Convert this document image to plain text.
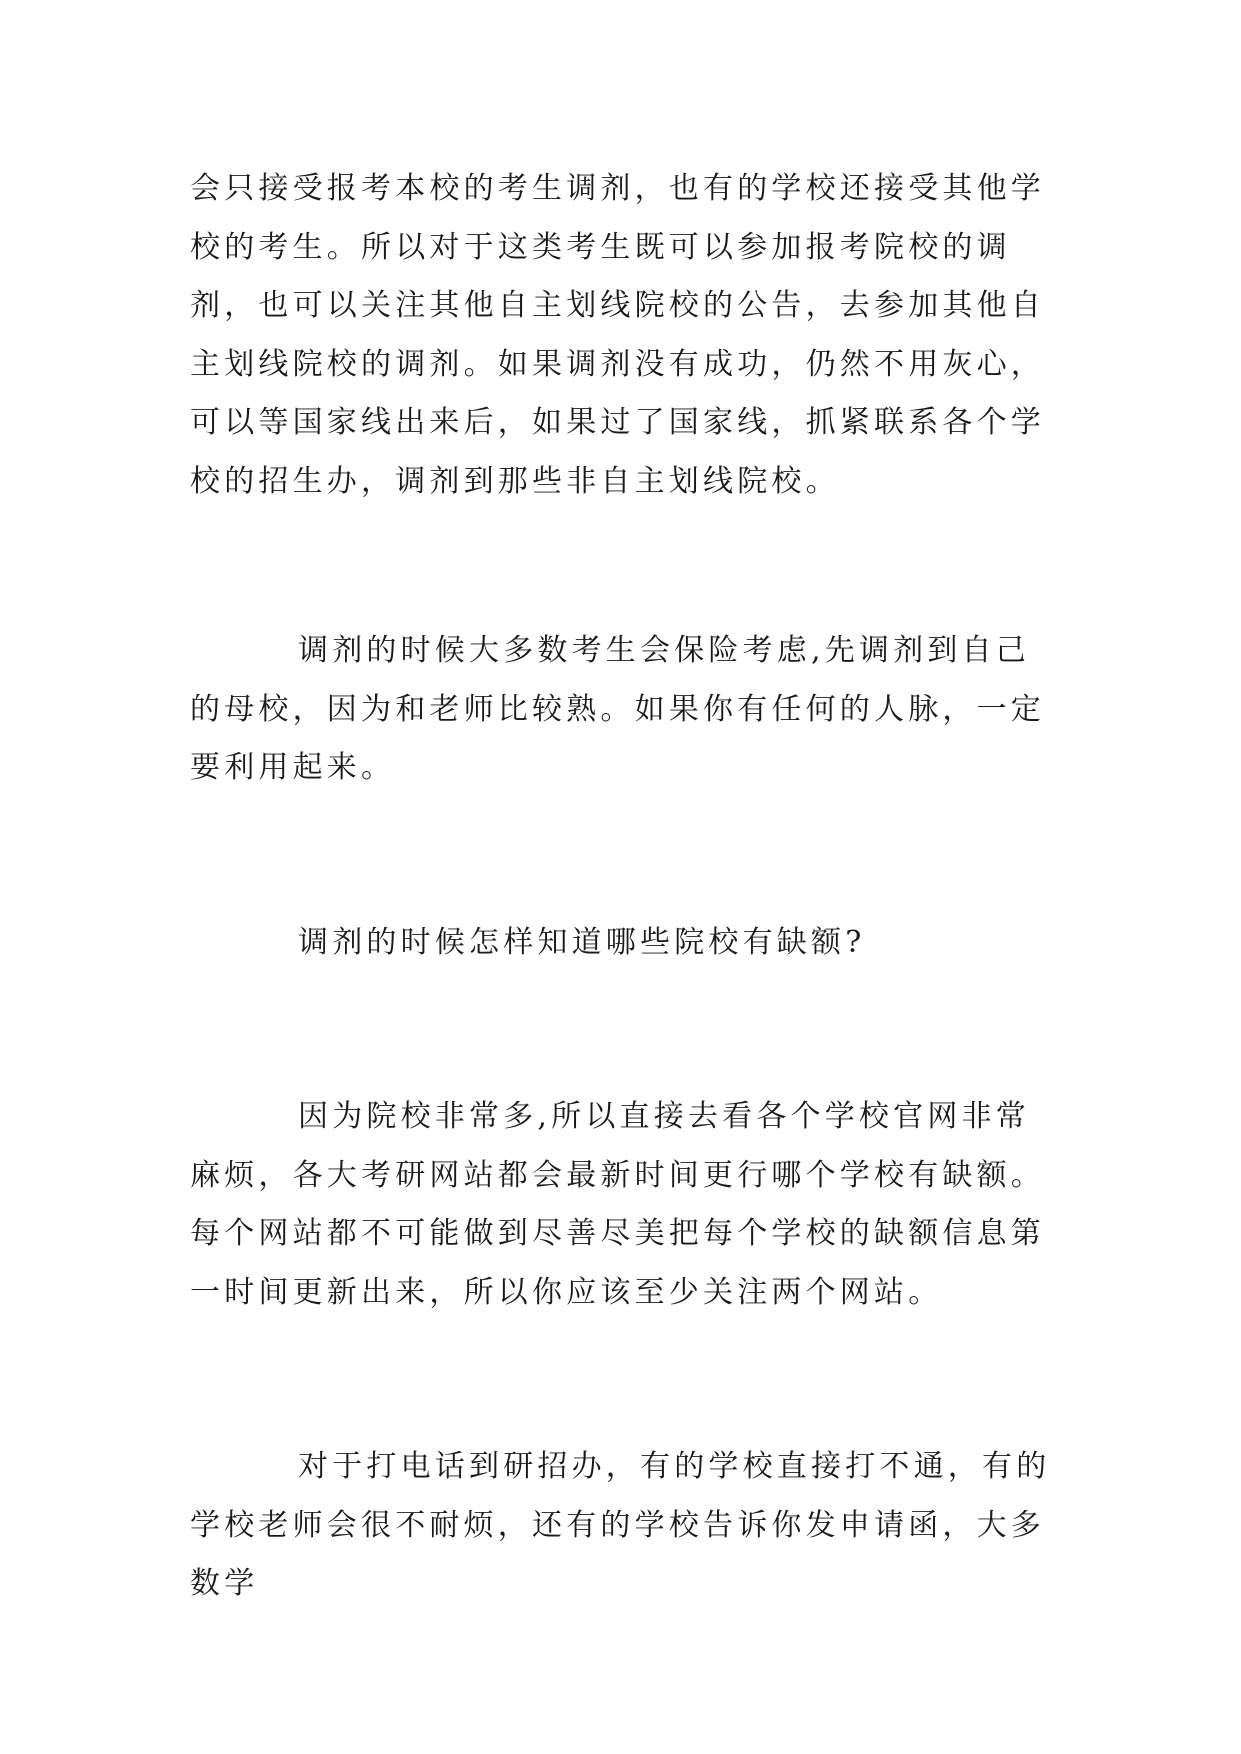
会只接受报考本校的考生调剂，也有的学校还接受其他学校的考生。所以对于这类考生既可以参加报考院校的调剂，也可以关注其他自主划线院校的公告，去参加其他自主划线院校的调剂。如果调剂没有成功，仍然不用灰心，可以等国家线出来后，如果过了国家线，抓紧联系各个学校的招生办，调剂到那些非自主划线院校。

调剂的时候大多数考生会保险考虑,先调剂到自己的母校，因为和老师比较熟。如果你有任何的人脉，一定要利用起来。

调剂的时候怎样知道哪些院校有缺额?

因为院校非常多,所以直接去看各个学校官网非常麻烦，各大考研网站都会最新时间更行哪个学校有缺额。每个网站都不可能做到尽善尽美把每个学校的缺额信息第一时间更新出来，所以你应该至少关注两个网站。

对于打电话到研招办，有的学校直接打不通，有的学校老师会很不耐烦，还有的学校告诉你发申请函，大多数学
